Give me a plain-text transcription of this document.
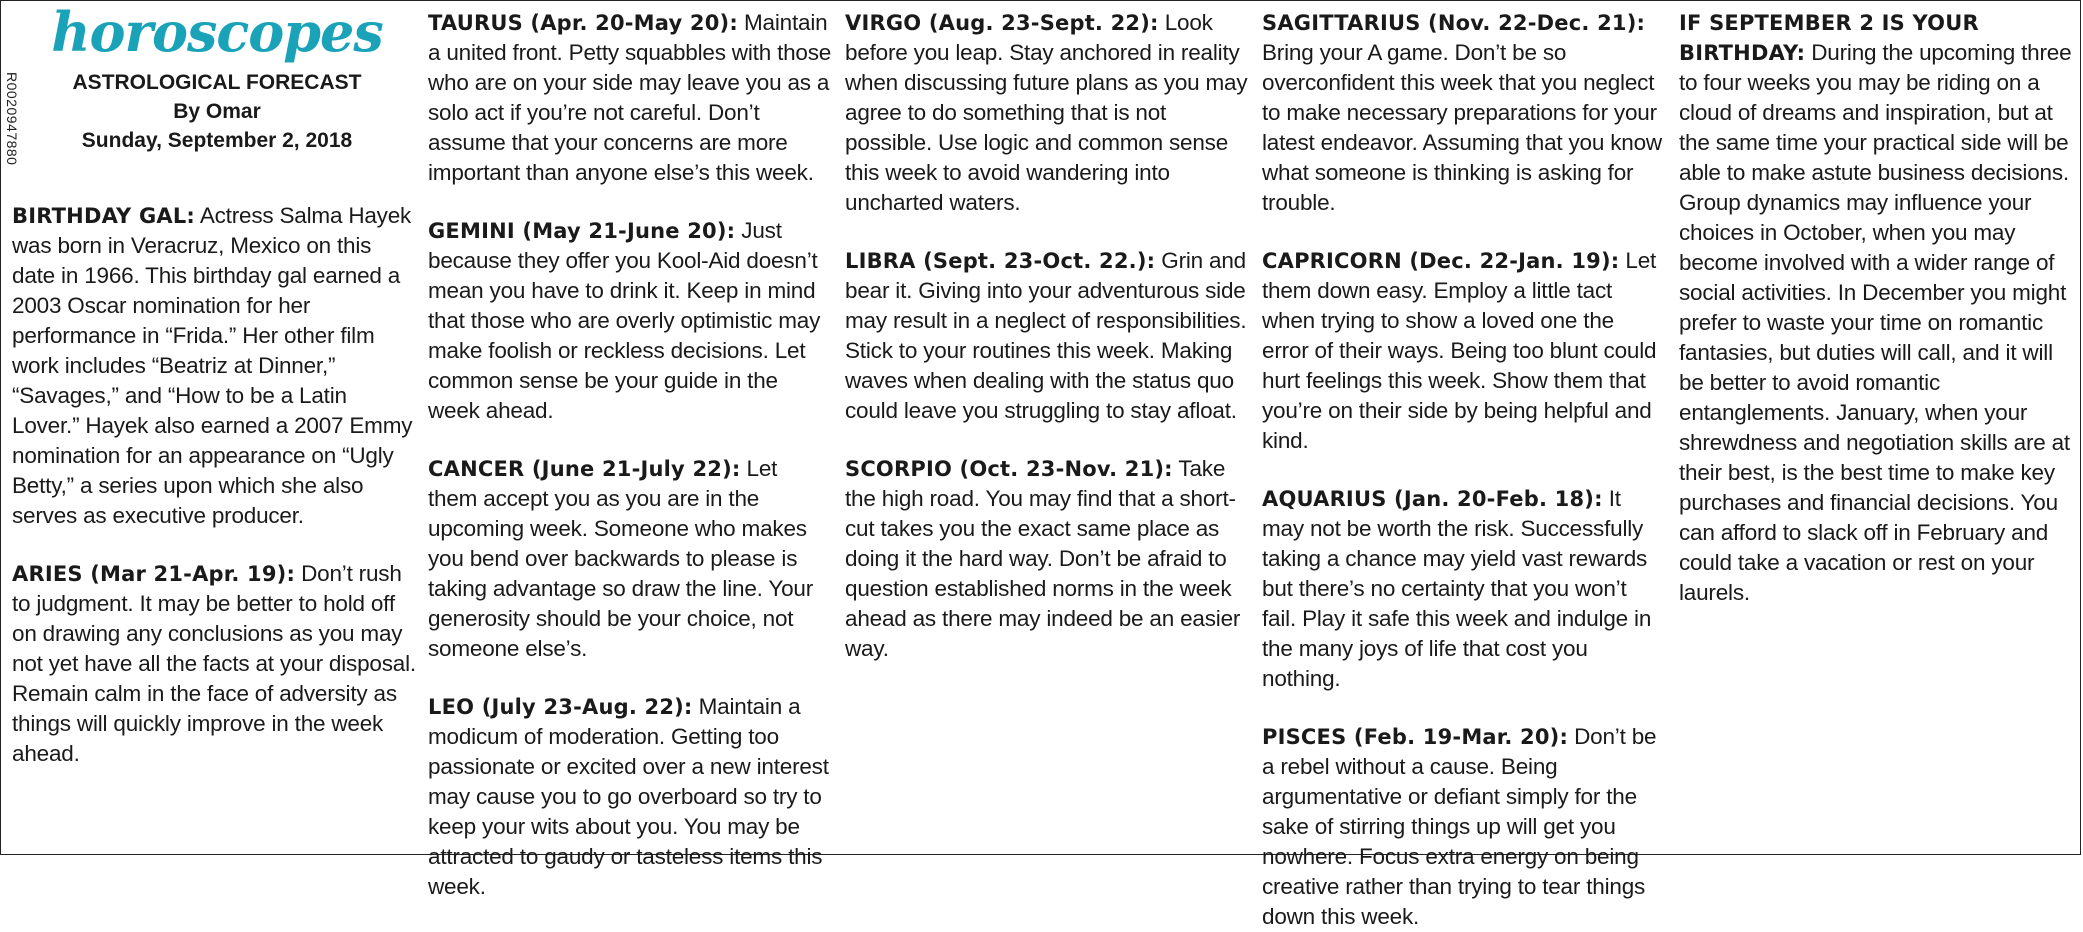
R0020947880
horoscopes
ASTROLOGICAL FORECAST
By Omar
Sunday, September 2, 2018

BIRTHDAY GAL: Actress Salma Hayek was born in Veracruz, Mexico on this date in 1966. This birthday gal earned a 2003 Oscar nomination for her performance in “Frida.” Her other film work includes “Beatriz at Dinner,” “Savages,” and “How to be a Latin Lover.” Hayek also earned a 2007 Emmy nomination for an appearance on “Ugly Betty,” a series upon which she also serves as executive producer.

ARIES (Mar 21-Apr. 19): Don’t rush to judgment. It may be better to hold off on drawing any conclusions as you may not yet have all the facts at your disposal. Remain calm in the face of adversity as things will quickly improve in the week ahead.

TAURUS (Apr. 20-May 20): Maintain a united front. Petty squabbles with those who are on your side may leave you as a solo act if you’re not careful. Don’t assume that your concerns are more important than anyone else’s this week.

GEMINI (May 21-June 20): Just because they offer you Kool-Aid doesn’t mean you have to drink it. Keep in mind that those who are overly optimistic may make foolish or reckless decisions. Let common sense be your guide in the week ahead.

CANCER (June 21-July 22): Let them accept you as you are in the upcoming week. Someone who makes you bend over backwards to please is taking advantage so draw the line. Your generosity should be your choice, not someone else’s.

LEO (July 23-Aug. 22): Maintain a modicum of moderation. Getting too passionate or excited over a new interest may cause you to go overboard so try to keep your wits about you. You may be attracted to gaudy or tasteless items this week.

VIRGO (Aug. 23-Sept. 22): Look before you leap. Stay anchored in reality when discussing future plans as you may agree to do something that is not possible. Use logic and common sense this week to avoid wandering into uncharted waters.

LIBRA (Sept. 23-Oct. 22.): Grin and bear it. Giving into your adventurous side may result in a neglect of responsibilities. Stick to your routines this week. Making waves when dealing with the status quo could leave you struggling to stay afloat.

SCORPIO (Oct. 23-Nov. 21): Take the high road. You may find that a short-cut takes you the exact same place as doing it the hard way. Don’t be afraid to question established norms in the week ahead as there may indeed be an easier way.

SAGITTARIUS (Nov. 22-Dec. 21): Bring your A game. Don’t be so overconfident this week that you neglect to make necessary preparations for your latest endeavor. Assuming that you know what someone is thinking is asking for trouble.

CAPRICORN (Dec. 22-Jan. 19): Let them down easy. Employ a little tact when trying to show a loved one the error of their ways. Being too blunt could hurt feelings this week. Show them that you’re on their side by being helpful and kind.

AQUARIUS (Jan. 20-Feb. 18): It may not be worth the risk. Successfully taking a chance may yield vast rewards but there’s no certainty that you won’t fail. Play it safe this week and indulge in the many joys of life that cost you nothing.

PISCES (Feb. 19-Mar. 20): Don’t be a rebel without a cause. Being argumentative or defiant simply for the sake of stirring things up will get you nowhere. Focus extra energy on being creative rather than trying to tear things down this week.

IF SEPTEMBER 2 IS YOUR BIRTHDAY: During the upcoming three to four weeks you may be riding on a cloud of dreams and inspiration, but at the same time your practical side will be able to make astute business decisions. Group dynamics may influence your choices in October, when you may become involved with a wider range of social activities. In December you might prefer to waste your time on romantic fantasies, but duties will call, and it will be better to avoid romantic entanglements. January, when your shrewdness and negotiation skills are at their best, is the best time to make key purchases and financial decisions. You can afford to slack off in February and could take a vacation or rest on your laurels.
